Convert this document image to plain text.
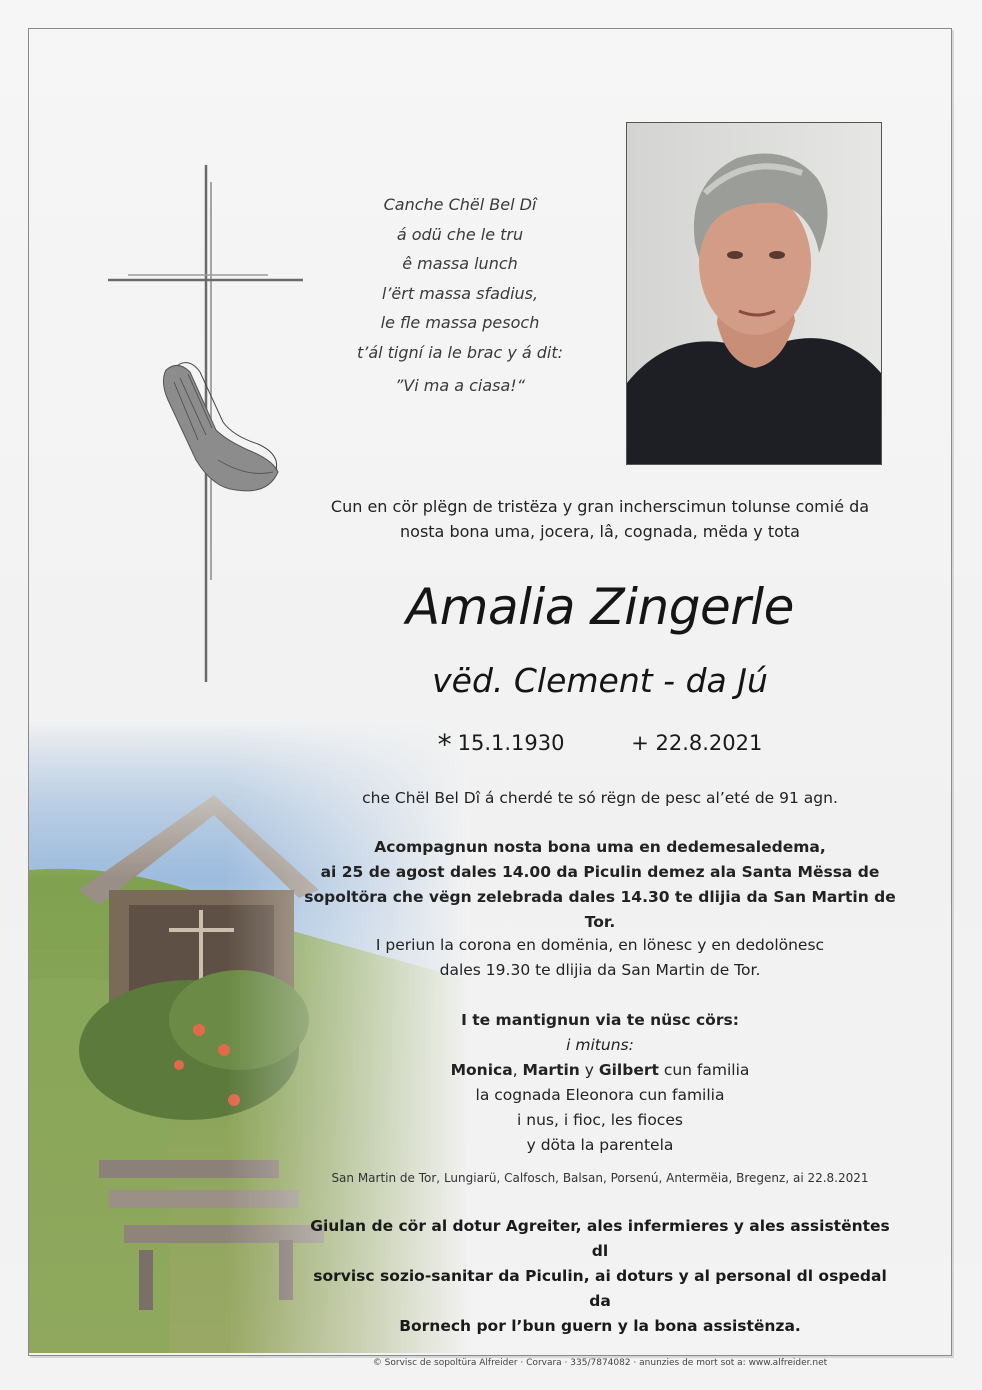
Canche Chël Bel Dî
á odü che le tru
ê massa lunch
l’ërt massa sfadius,
le fle massa pesoch
t’ál tigní ia le brac y á dit:
”Vi ma a ciasa!“
Cun en cör plëgn de tristëza y gran incherscimun tolunse comié da
nosta bona uma, jocera, lâ, cognada, mëda y tota
Amalia Zingerle
vëd. Clement - da Jú
* 15.1.1930	+ 22.8.2021
che Chël Bel Dî á cherdé te só rëgn de pesc al’eté de 91 agn.
Acompagnun nosta bona uma en dedemesaledema,
ai 25 de agost dales 14.00 da Piculin demez ala Santa Mëssa de
sopoltöra che vëgn zelebrada dales 14.30 te dlijia da San Martin de Tor.
I periun la corona en domënia, en lönesc y en dedolönesc
dales 19.30 te dlijia da San Martin de Tor.
I te mantignun via te nüsc cörs:
i mituns:
Monica, Martin y Gilbert cun familia
la cognada Eleonora cun familia
i nus, i fioc, les fioces
y döta la parentela
San Martin de Tor, Lungiarü, Calfosch, Balsan, Porsenú, Antermëia, Bregenz, ai 22.8.2021
Giulan de cör al dotur Agreiter, ales infermieres y ales assistëntes dl
sorvisc sozio-sanitar da Piculin, ai doturs y al personal dl ospedal da
Bornech por l’bun guern y la bona assistënza.
© Sorvisc de sopoltüra Alfreider · Corvara · 335/7874082 · anunzies de mort sot a: www.alfreider.net
